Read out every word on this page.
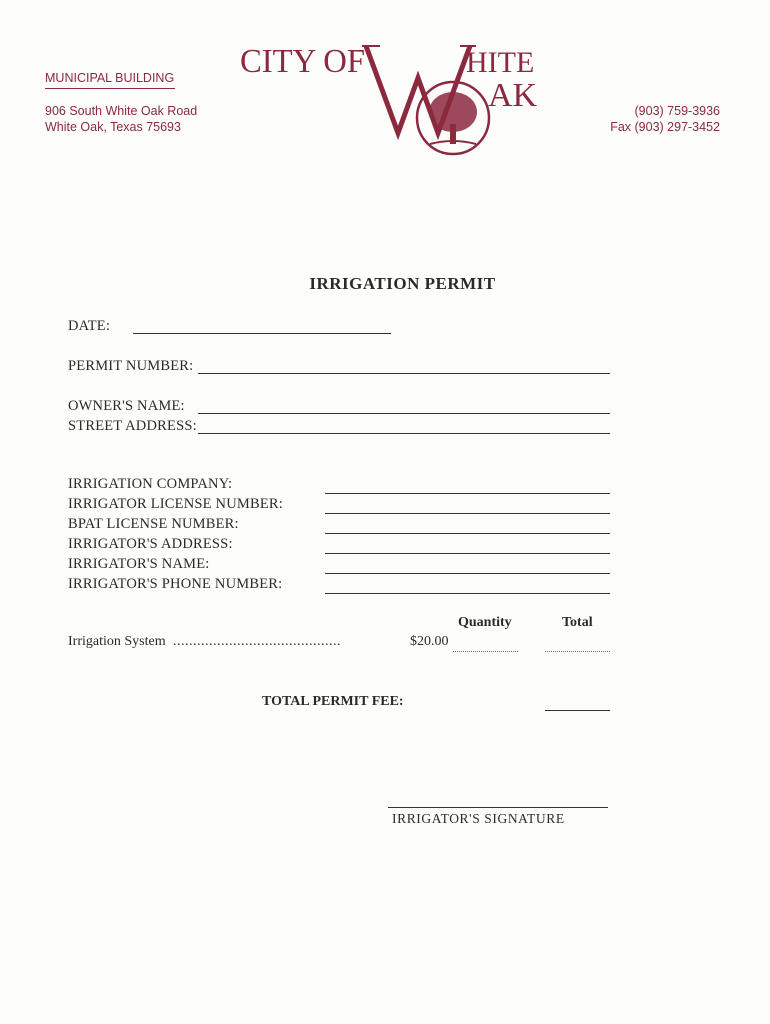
MUNICIPAL BUILDING
906 South White Oak Road
White Oak, Texas 75693
(903) 759-3936
Fax (903) 297-3452
CITY OF	HITE
AK
IRRIGATION PERMIT
DATE:
PERMIT NUMBER:
OWNER'S NAME:
STREET ADDRESS:
IRRIGATION COMPANY:
IRRIGATOR LICENSE NUMBER:
BPAT LICENSE NUMBER:
IRRIGATOR'S ADDRESS:
IRRIGATOR'S NAME:
IRRIGATOR'S PHONE NUMBER:
Quantity	Total
Irrigation System ..........................................	$20.00
TOTAL PERMIT FEE:
IRRIGATOR'S SIGNATURE
